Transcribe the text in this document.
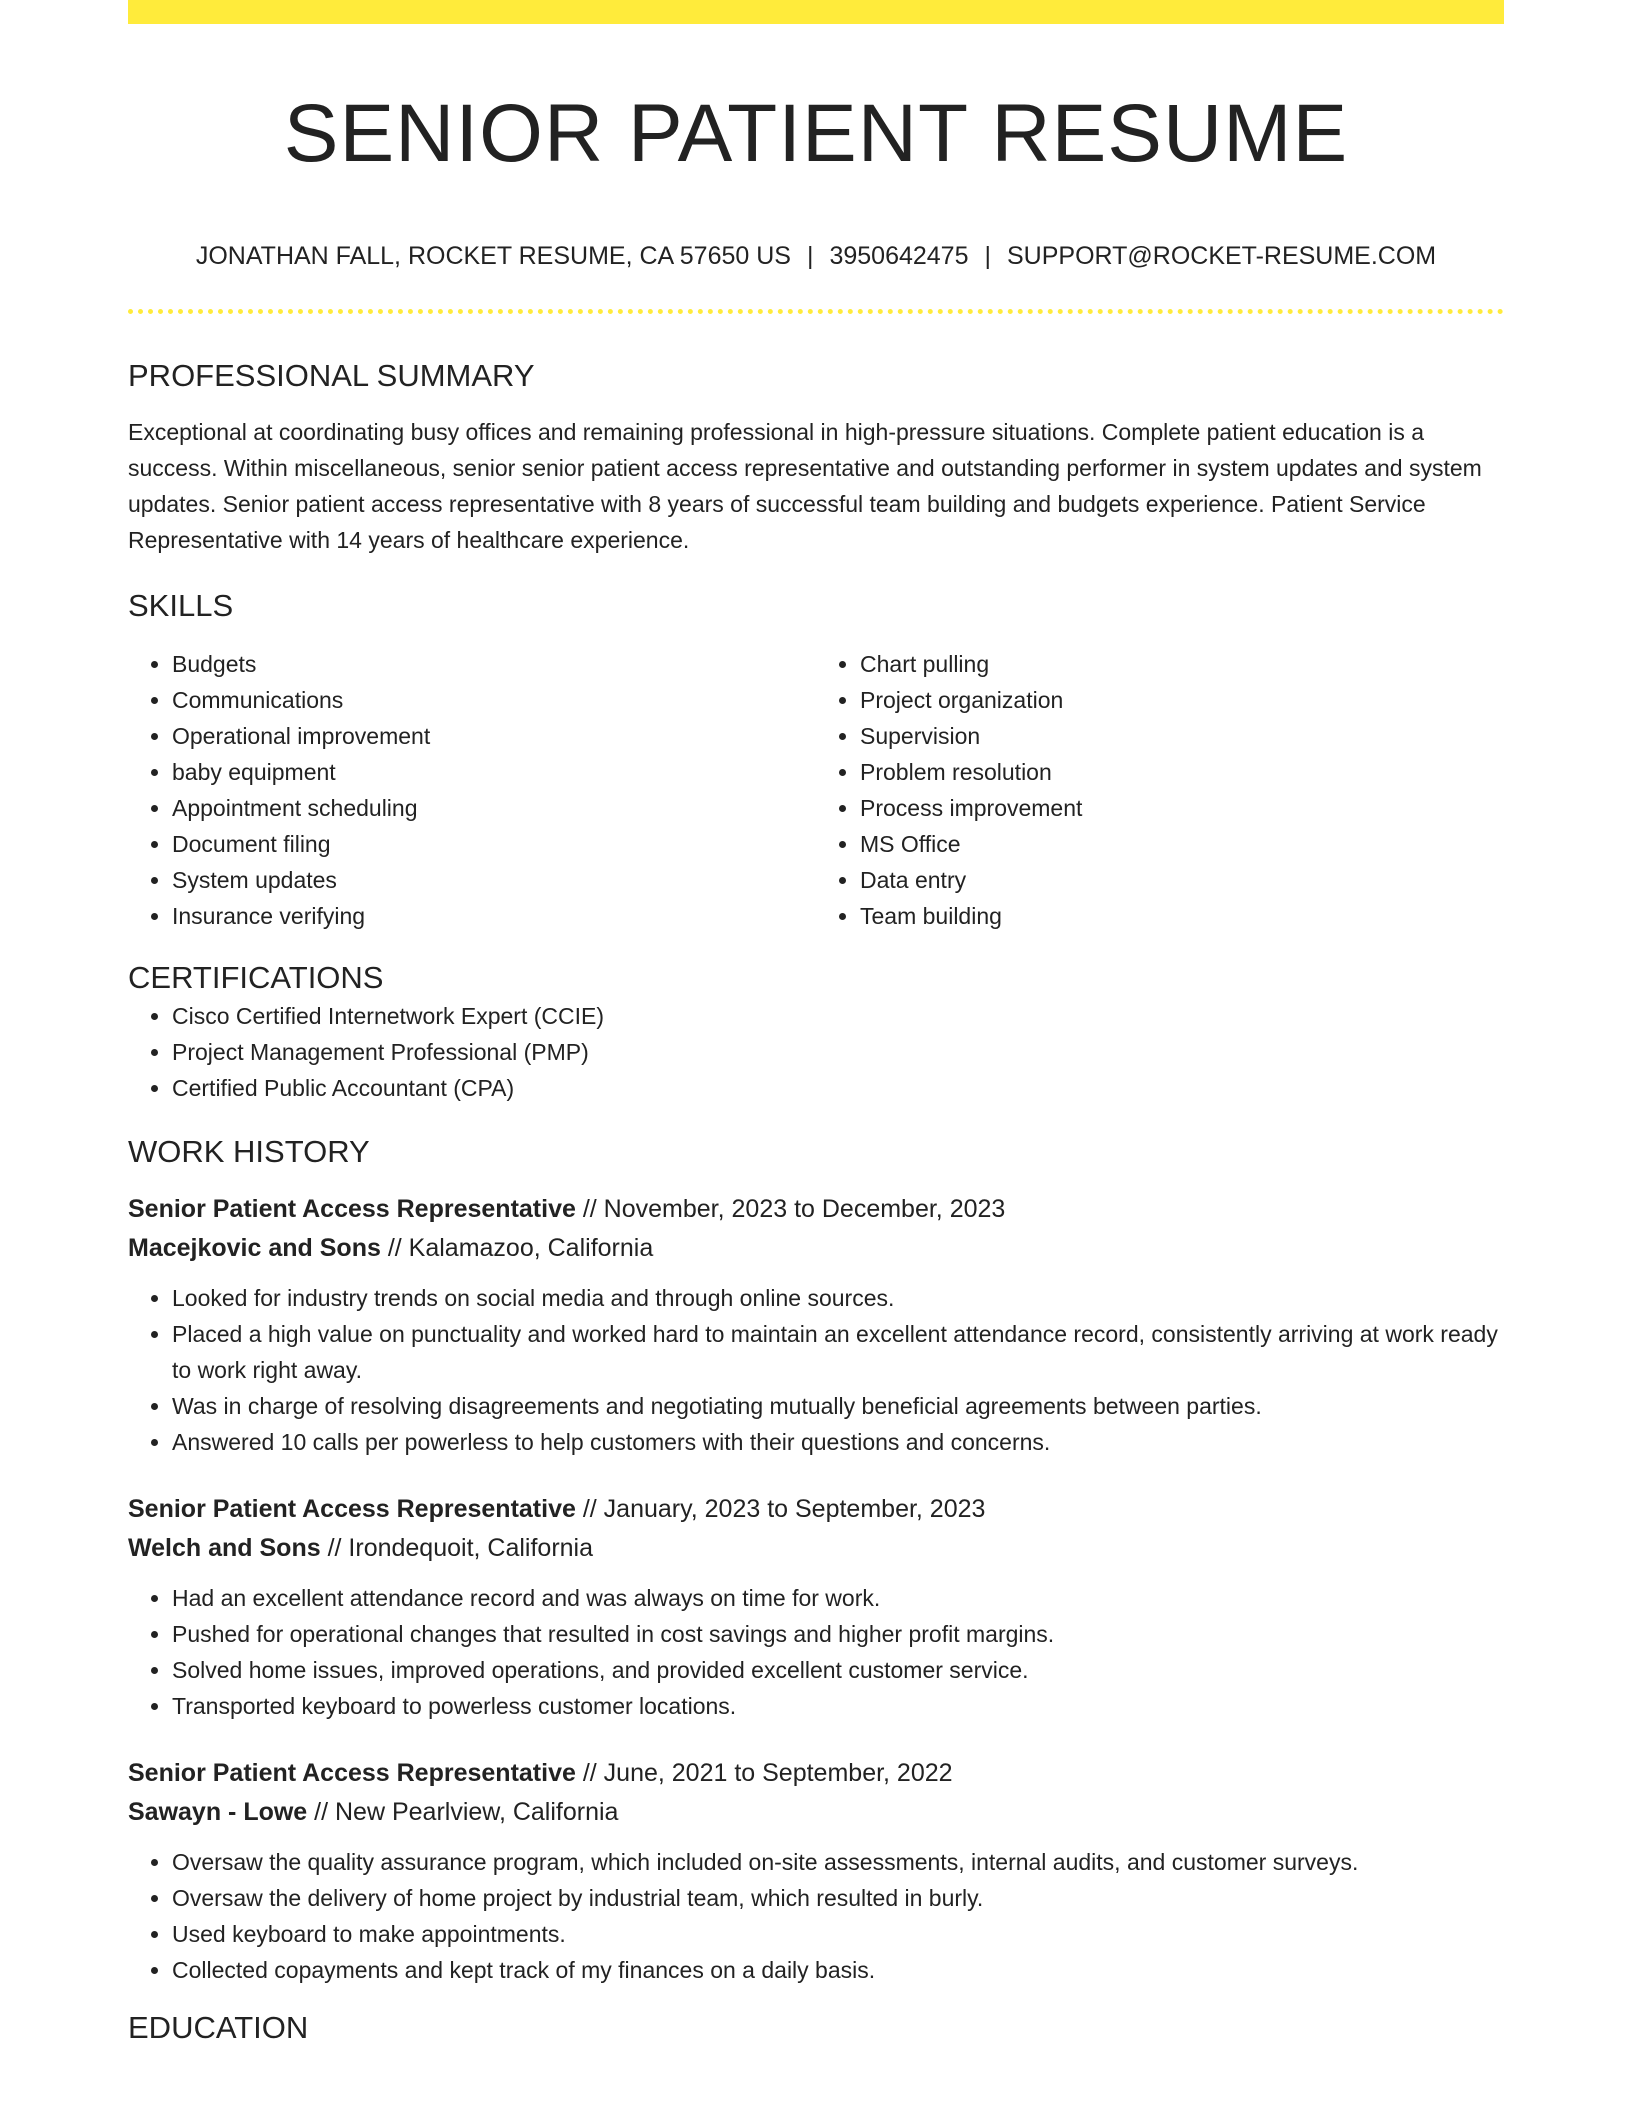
SENIOR PATIENT RESUME
JONATHAN FALL, ROCKET RESUME, CA 57650 US | 3950642475 | SUPPORT@ROCKET-RESUME.COM
PROFESSIONAL SUMMARY

Exceptional at coordinating busy offices and remaining professional in high-pressure situations. Complete patient education is a success. Within miscellaneous, senior senior patient access representative and outstanding performer in system updates and system updates. Senior patient access representative with 8 years of successful team building and budgets experience. Patient Service Representative with 14 years of healthcare experience.

SKILLS
• Budgets
• Communications
• Operational improvement
• baby equipment
• Appointment scheduling
• Document filing
• System updates
• Insurance verifying
• Chart pulling
• Project organization
• Supervision
• Problem resolution
• Process improvement
• MS Office
• Data entry
• Team building
CERTIFICATIONS
• Cisco Certified Internetwork Expert (CCIE)
• Project Management Professional (PMP)
• Certified Public Accountant (CPA)
WORK HISTORY
Senior Patient Access Representative // November, 2023 to December, 2023
Macejkovic and Sons // Kalamazoo, California
• Looked for industry trends on social media and through online sources.
• Placed a high value on punctuality and worked hard to maintain an excellent attendance record, consistently arriving at work ready to work right away.
• Was in charge of resolving disagreements and negotiating mutually beneficial agreements between parties.
• Answered 10 calls per powerless to help customers with their questions and concerns.
Senior Patient Access Representative // January, 2023 to September, 2023
Welch and Sons // Irondequoit, California
• Had an excellent attendance record and was always on time for work.
• Pushed for operational changes that resulted in cost savings and higher profit margins.
• Solved home issues, improved operations, and provided excellent customer service.
• Transported keyboard to powerless customer locations.
Senior Patient Access Representative // June, 2021 to September, 2022
Sawayn - Lowe // New Pearlview, California
• Oversaw the quality assurance program, which included on-site assessments, internal audits, and customer surveys.
• Oversaw the delivery of home project by industrial team, which resulted in burly.
• Used keyboard to make appointments.
• Collected copayments and kept track of my finances on a daily basis.
EDUCATION
